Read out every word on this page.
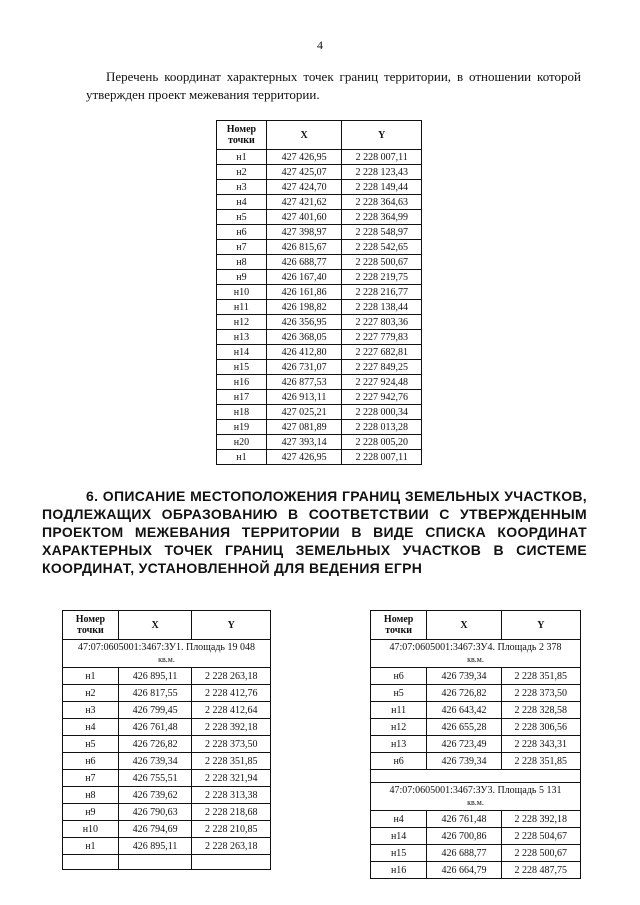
4

Перечень координат характерных точек границ территории, в отношении которой утвержден проект межевания территории.

Номер точки	X	Y
н1	427 426,95	2 228 007,11
н2	427 425,07	2 228 123,43
н3	427 424,70	2 228 149,44
н4	427 421,62	2 228 364,63
н5	427 401,60	2 228 364,99
н6	427 398,97	2 228 548,97
н7	426 815,67	2 228 542,65
н8	426 688,77	2 228 500,67
н9	426 167,40	2 228 219,75
н10	426 161,86	2 228 216,77
н11	426 198,82	2 228 138,44
н12	426 356,95	2 227 803,36
н13	426 368,05	2 227 779,83
н14	426 412,80	2 227 682,81
н15	426 731,07	2 227 849,25
н16	426 877,53	2 227 924,48
н17	426 913,11	2 227 942,76
н18	427 025,21	2 228 000,34
н19	427 081,89	2 228 013,28
н20	427 393,14	2 228 005,20
н1	427 426,95	2 228 007,11

6. ОПИСАНИЕ МЕСТОПОЛОЖЕНИЯ ГРАНИЦ ЗЕМЕЛЬНЫХ УЧАСТКОВ, ПОДЛЕЖАЩИХ ОБРАЗОВАНИЮ В СООТВЕТСТВИИ С УТВЕРЖДЕННЫМ ПРОЕКТОМ МЕЖЕВАНИЯ ТЕРРИТОРИИ В ВИДЕ СПИСКА КООРДИНАТ ХАРАКТЕРНЫХ ТОЧЕК ГРАНИЦ ЗЕМЕЛЬНЫХ УЧАСТКОВ В СИСТЕМЕ КООРДИНАТ, УСТАНОВЛЕННОЙ ДЛЯ ВЕДЕНИЯ ЕГРН

Номер точки	X	Y
47:07:0605001:3467:ЗУ1. Площадь 19 048
кв.м.		

н1	426 895,11	2 228 263,18
н2	426 817,55	2 228 412,76
н3	426 799,45	2 228 412,64
н4	426 761,48	2 228 392,18
н5	426 726,82	2 228 373,50
н6	426 739,34	2 228 351,85
н7	426 755,51	2 228 321,94
н8	426 739,62	2 228 313,38
н9	426 790,63	2 228 218,68
н10	426 794,69	2 228 210,85
н1	426 895,11	2 228 263,18

Номер точки	X	Y
47:07:0605001:3467:ЗУ4. Площадь 2 378
кв.м.		

н6	426 739,34	2 228 351,85
н5	426 726,82	2 228 373,50
н11	426 643,42	2 228 328,58
н12	426 655,28	2 228 306,56
н13	426 723,49	2 228 343,31
н6	426 739,34	2 228 351,85

47:07:0605001:3467:ЗУ3. Площадь 5 131
кв.м.		

н4	426 761,48	2 228 392,18
н14	426 700,86	2 228 504,67
н15	426 688,77	2 228 500,67
н16	426 664,79	2 228 487,75
